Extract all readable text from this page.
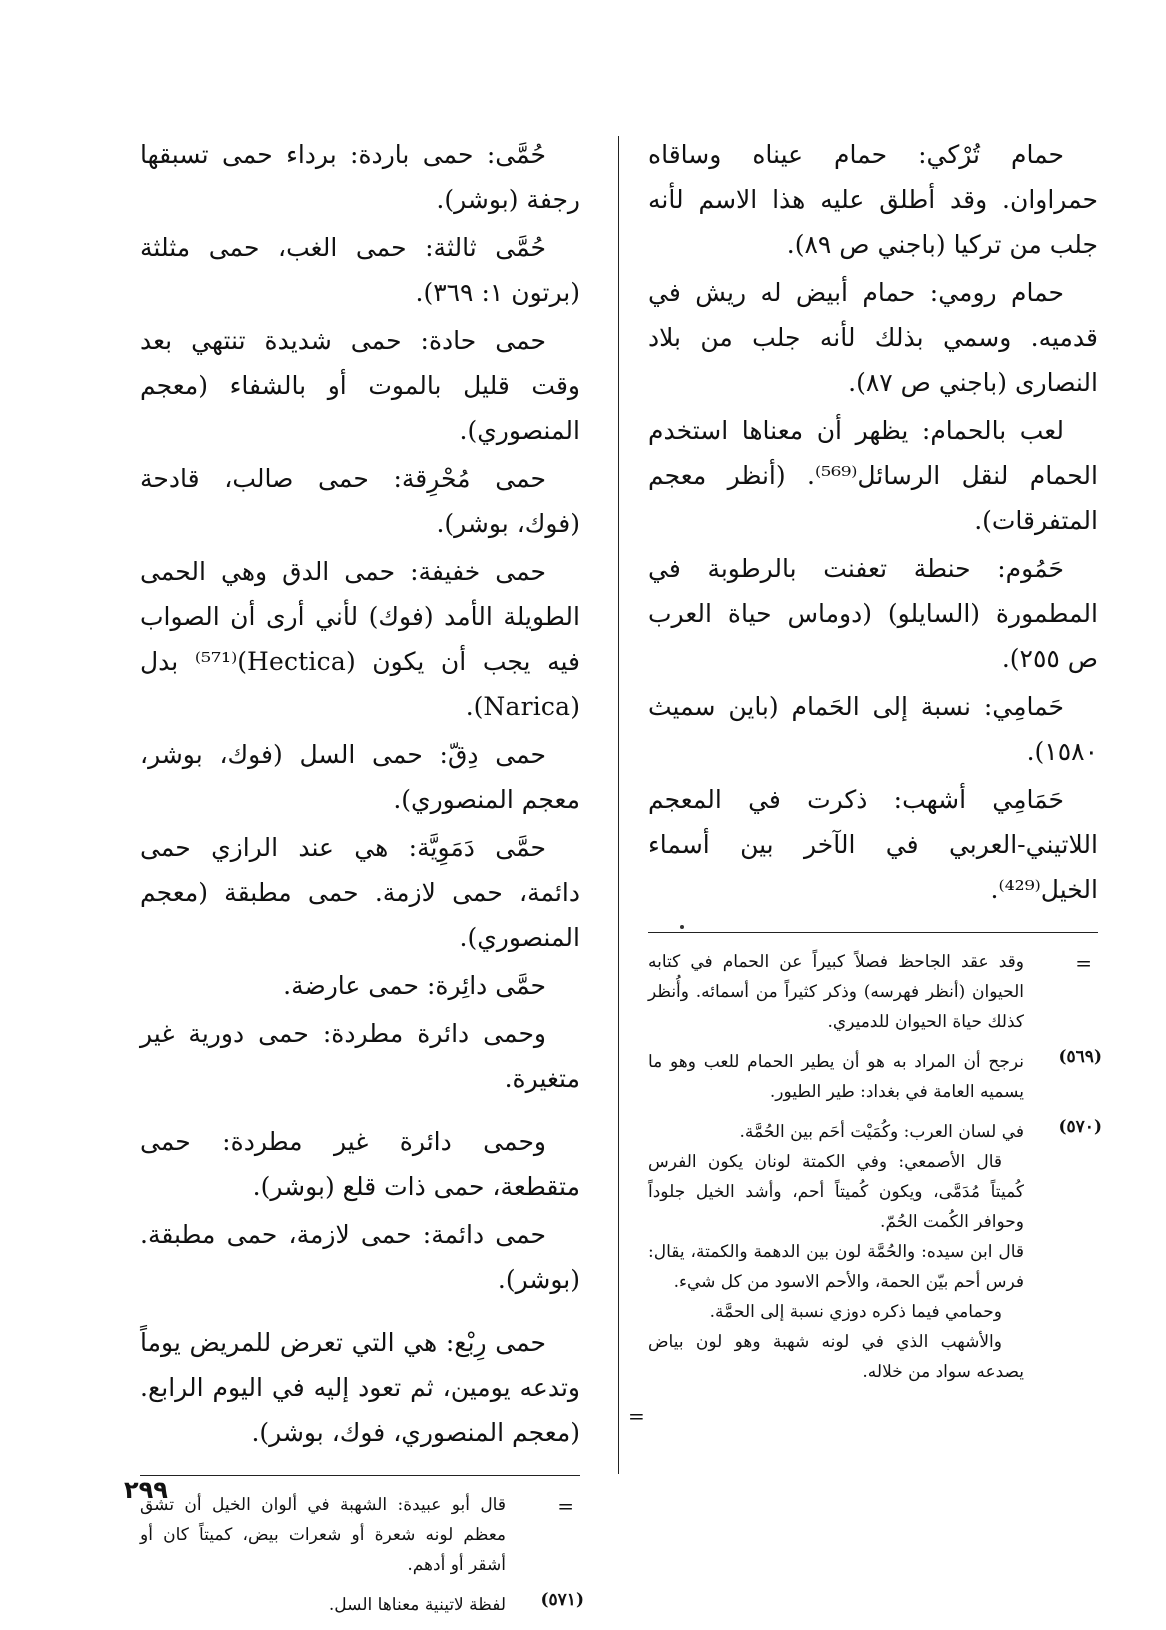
حمام تُرْكي: حمام عيناه وساقاه حمراوان. وقد أطلق عليه هذا الاسم لأنه جلب من تركيا (باجني ص ٨٩).

حمام رومي: حمام أبيض له ريش في قدميه. وسمي بذلك لأنه جلب من بلاد النصارى (باجني ص ٨٧).

لعب بالحمام: يظهر أن معناها استخدم الحمام لنقل الرسائل⁽⁵⁶⁹⁾. (أنظر معجم المتفرقات).

حَمُوم: حنطة تعفنت بالرطوبة في المطمورة (السايلو) (دوماس حياة العرب ص ٢٥٥).

حَمامِي: نسبة إلى الحَمام (باين سميث ١٥٨٠).

حَمَامِي أشهب: ذكرت في المعجم اللاتيني-العربي في الآخر بين أسماء الخيل⁽⁴²⁹⁾.

=

وقد عقد الجاحظ فصلاً كبيراً عن الحمام في كتابه الحيوان (أنظر فهرسه) وذكر كثيراً من أسمائه. وأُنظر كذلك حياة الحيوان للدميري.

(٥٦٩)

نرجح أن المراد به هو أن يطير الحمام للعب وهو ما يسميه العامة في بغداد: طير الطيور.

(٥٧٠)

في لسان العرب: وكُمَيْت أحَم بين الحُمَّة.

قال الأصمعي: وفي الكمتة لونان يكون الفرس كُميتاً مُدَمَّى، ويكون كُميتاً أحم، وأشد الخيل جلوداً وحوافر الكُمت الحُمّ.

قال ابن سيده: والحُمَّة لون بين الدهمة والكمتة، يقال: فرس أحم بيّن الحمة، والأحم الاسود من كل شيء.

وحمامي فيما ذكره دوزي نسبة إلى الحمَّة.

والأشهب الذي في لونه شهبة وهو لون بياض يصدعه سواد من خلاله.

=

حُمَّى: حمى باردة: برداء حمى تسبقها رجفة (بوشر).

حُمَّى ثالثة: حمى الغب، حمى مثلثة (برتون ١: ٣٦٩).

حمى حادة: حمى شديدة تنتهي بعد وقت قليل بالموت أو بالشفاء (معجم المنصوري).

حمى مُحْرِقة: حمى صالب، قادحة (فوك، بوشر).

حمى خفيفة: حمى الدق وهي الحمى الطويلة الأمد (فوك) لأني أرى أن الصواب فيه يجب أن يكون (Hectica)⁽⁵⁷¹⁾ بدل (Narica).

حمى دِقّ: حمى السل (فوك، بوشر، معجم المنصوري).

حمَّى دَمَوِيَّة: هي عند الرازي حمى دائمة، حمى لازمة. حمى مطبقة (معجم المنصوري).

حمَّى دائِرة: حمى عارضة.

وحمى دائرة مطردة: حمى دورية غير متغيرة.

وحمى دائرة غير مطردة: حمى متقطعة، حمى ذات قلع (بوشر).

حمى دائمة: حمى لازمة، حمى مطبقة. (بوشر).

حمى رِبْع: هي التي تعرض للمريض يوماً وتدعه يومين، ثم تعود إليه في اليوم الرابع. (معجم المنصوري، فوك، بوشر).

=

قال أبو عبيدة: الشهبة في ألوان الخيل أن تشق معظم لونه شعرة أو شعرات بيض، كميتاً كان أو أشقر أو أدهم.

(٥٧١)

لفظة لاتينية معناها السل.

٢٩٩
